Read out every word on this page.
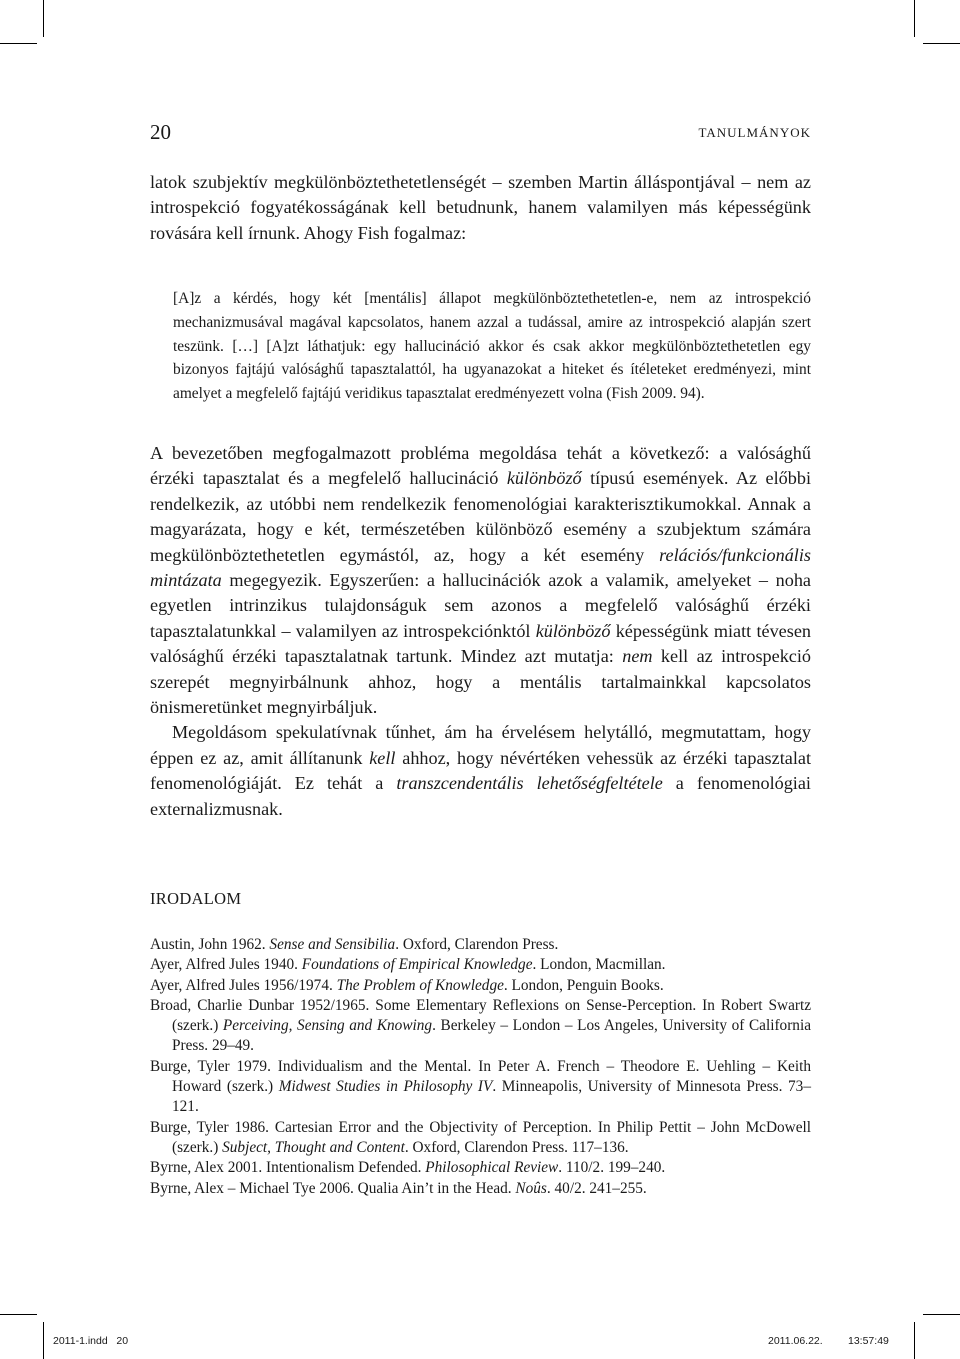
20	TANULMÁNYOK

latok szubjektív megkülönböztethetetlenségét – szemben Martin álláspontjával – nem az introspekció fogyatékosságának kell betudnunk, hanem valamilyen más képességünk rovására kell írnunk. Ahogy Fish fogalmaz:

[A]z a kérdés, hogy két [mentális] állapot megkülönböztethetetlen-e, nem az introspekció mechanizmusával magával kapcsolatos, hanem azzal a tudással, amire az introspekció alapján szert teszünk. […] [A]zt láthatjuk: egy hallucináció akkor és csak akkor megkülönböztethetetlen egy bizonyos fajtájú valósághű tapasztalattól, ha ugyanazokat a hiteket és ítéleteket eredményezi, mint amelyet a megfelelő fajtájú veridikus tapasztalat eredményezett volna (Fish 2009. 94).

A bevezetőben megfogalmazott probléma megoldása tehát a következő: a valósághű érzéki tapasztalat és a megfelelő hallucináció különböző típusú események. Az előbbi rendelkezik, az utóbbi nem rendelkezik fenomenológiai karakterisztikumokkal. Annak a magyarázata, hogy e két, természetében különböző esemény a szubjektum számára megkülönböztethetetlen egymástól, az, hogy a két esemény relációs/funkcionális mintázata megegyezik. Egyszerűen: a hallucinációk azok a valamik, amelyeket – noha egyetlen intrinzikus tulajdonságuk sem azonos a megfelelő valósághű érzéki tapasztalatunkkal – valamilyen az introspekciónktól különböző képességünk miatt tévesen valósághű érzéki tapasztalatnak tartunk. Mindez azt mutatja: nem kell az introspekció szerepét megnyirbálnunk ahhoz, hogy a mentális tartalmainkkal kapcsolatos önismeretünket megnyirbáljuk.

Megoldásom spekulatívnak tűnhet, ám ha érvelésem helytálló, megmutattam, hogy éppen ez az, amit állítanunk kell ahhoz, hogy névértéken vehessük az érzéki tapasztalat fenomenológiáját. Ez tehát a transzcendentális lehetőségfeltétele a fenomenológiai externalizmusnak.

IRODALOM
Austin, John 1962. Sense and Sensibilia. Oxford, Clarendon Press.
Ayer, Alfred Jules 1940. Foundations of Empirical Knowledge. London, Macmillan.
Ayer, Alfred Jules 1956/1974. The Problem of Knowledge. London, Penguin Books.
Broad, Charlie Dunbar 1952/1965. Some Elementary Reflexions on Sense-Perception. In Robert Swartz (szerk.) Perceiving, Sensing and Knowing. Berkeley – London – Los Angeles, University of California Press. 29–49.
Burge, Tyler 1979. Individualism and the Mental. In Peter A. French – Theodore E. Uehling – Keith Howard (szerk.) Midwest Studies in Philosophy IV. Minneapolis, University of Minnesota Press. 73–121.
Burge, Tyler 1986. Cartesian Error and the Objectivity of Perception. In Philip Pettit – John McDowell (szerk.) Subject, Thought and Content. Oxford, Clarendon Press. 117–136.
Byrne, Alex 2001. Intentionalism Defended. Philosophical Review. 110/2. 199–240.
Byrne, Alex – Michael Tye 2006. Qualia Ain’t in the Head. Noûs. 40/2. 241–255.
2011-1.indd   20	2011.06.22. 13:57:49
